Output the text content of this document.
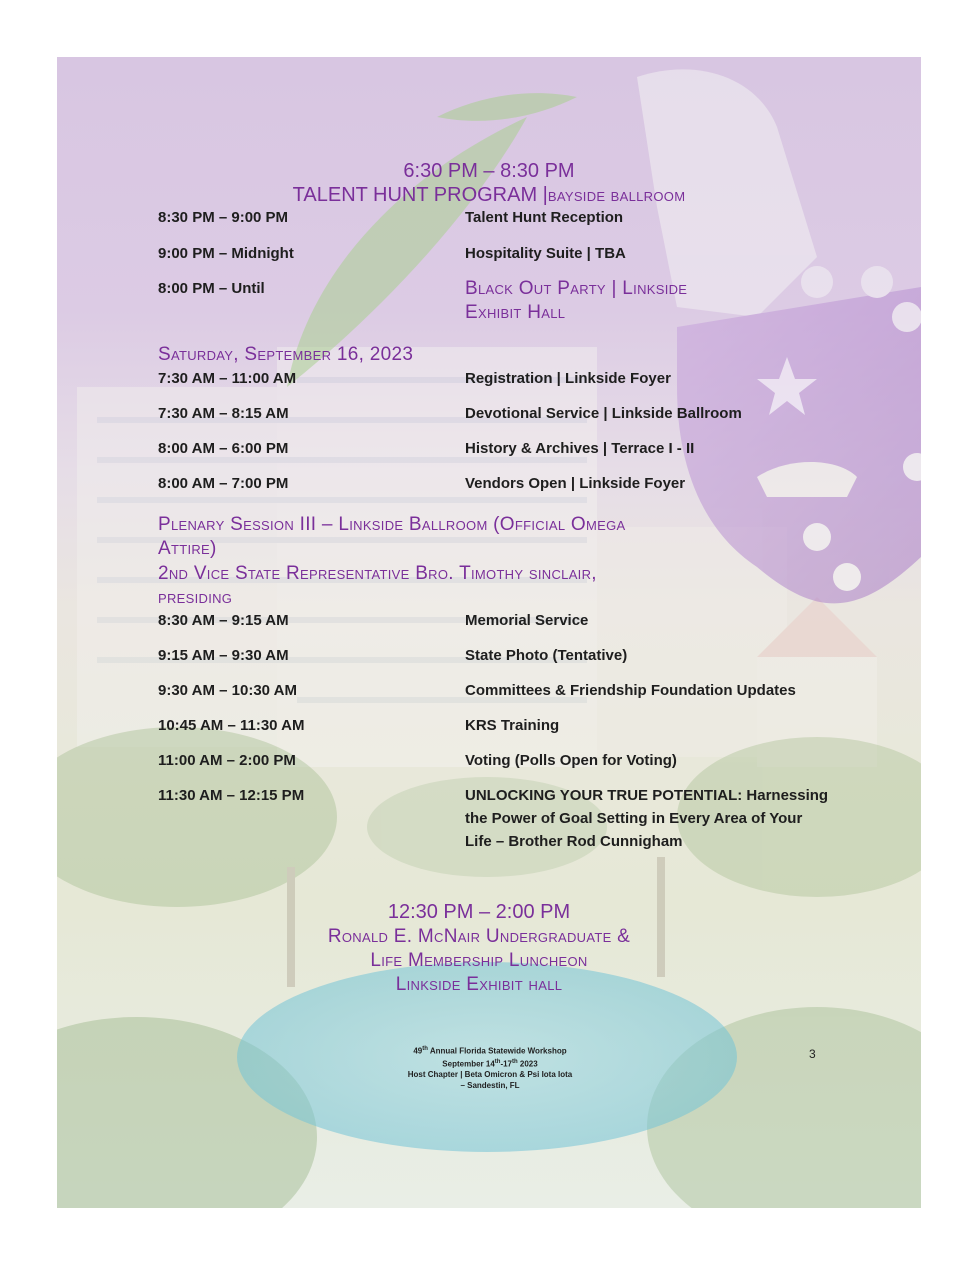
6:30 PM – 8:30 PM
TALENT HUNT PROGRAM |bayside ballroom
8:30 PM – 9:00 PM	Talent Hunt Reception
9:00 PM – Midnight	Hospitality Suite | TBA
8:00 PM – Until	Black Out Party | Linkside
Exhibit Hall
Saturday, September 16, 2023
7:30 AM – 11:00 AM	Registration | Linkside Foyer
7:30 AM – 8:15 AM	Devotional Service | Linkside Ballroom
8:00 AM – 6:00 PM	History & Archives | Terrace I - II
8:00 AM – 7:00 PM	Vendors Open | Linkside Foyer
Plenary Session III – Linkside Ballroom (Official Omega
Attire)
2nd Vice State Representative Bro. Timothy sinclair,
presiding
8:30 AM – 9:15 AM	Memorial Service
9:15 AM – 9:30 AM	State Photo (Tentative)
9:30 AM – 10:30 AM	Committees & Friendship Foundation Updates
10:45 AM – 11:30 AM	KRS Training
11:00 AM – 2:00 PM	Voting (Polls Open for Voting)
11:30 AM – 12:15 PM	UNLOCKING YOUR TRUE POTENTIAL: Harnessing
the Power of Goal Setting in Every Area of Your
Life – Brother Rod Cunnigham
12:30 PM – 2:00 PM
Ronald E. McNair Undergraduate &
Life Membership Luncheon
Linkside Exhibit hall
49th Annual Florida Statewide Workshop
September 14th-17th 2023
Host Chapter | Beta Omicron & Psi Iota Iota
– Sandestin, FL
3
